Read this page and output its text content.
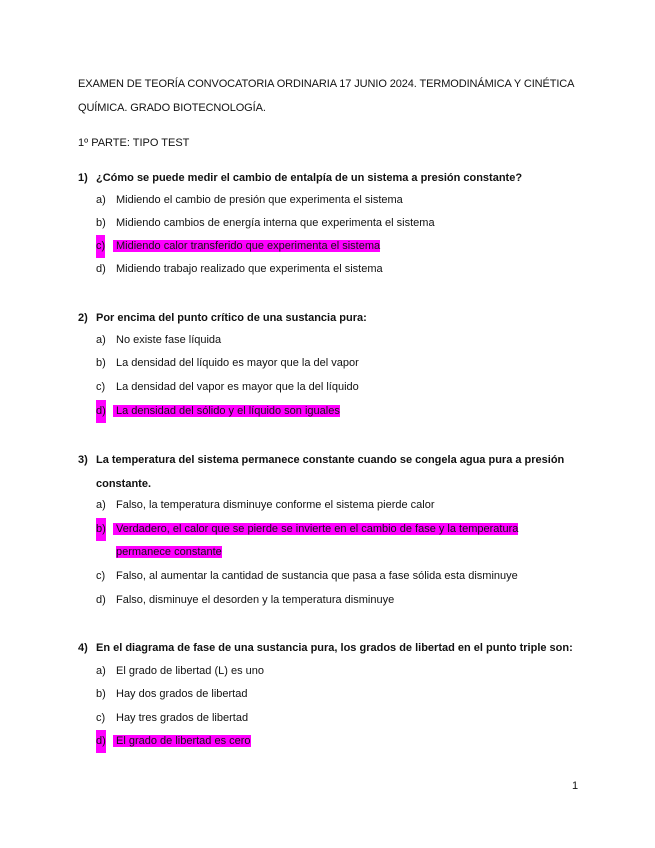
EXAMEN DE TEORÍA CONVOCATORIA ORDINARIA 17 JUNIO 2024. TERMODINÁMICA Y CINÉTICA QUÍMICA. GRADO BIOTECNOLOGÍA.
1º PARTE: TIPO TEST
1) ¿Cómo se puede medir el cambio de entalpía de un sistema a presión constante?
a) Midiendo el cambio de presión que experimenta el sistema
b) Midiendo cambios de energía interna que experimenta el sistema
c) Midiendo calor transferido que experimenta el sistema
d) Midiendo trabajo realizado que experimenta el sistema
2) Por encima del punto crítico de una sustancia pura:
a) No existe fase líquida
b) La densidad del líquido es mayor que la del vapor
c) La densidad del vapor es mayor que la del líquido
d) La densidad del sólido y el líquido son iguales
3) La temperatura del sistema permanece constante cuando se congela agua pura a presión constante.
a) Falso, la temperatura disminuye conforme el sistema pierde calor
b) Verdadero, el calor que se pierde se invierte en el cambio de fase y la temperatura permanece constante
c) Falso, al aumentar la cantidad de sustancia que pasa a fase sólida esta disminuye
d) Falso, disminuye el desorden y la temperatura disminuye
4) En el diagrama de fase de una sustancia pura, los grados de libertad en el punto triple son:
a) El grado de libertad (L) es uno
b) Hay dos grados de libertad
c) Hay tres grados de libertad
d) El grado de libertad es cero
1
